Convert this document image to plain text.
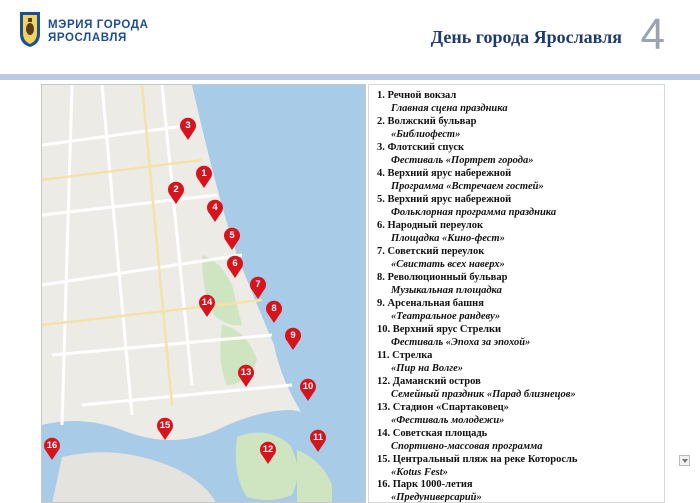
МЭРИЯ ГОРОДА
ЯРОСЛАВЛЯ	День города Ярославля 4
3
1
2
4
5
6
7
8
9
10
11
12
13
14
15
16
1. Речной вокзал
Главная сцена праздника
2. Волжский бульвар
«Библиофест»
3. Флотский спуск
Фестиваль «Портрет города»
4. Верхний ярус набережной
Программа «Встречаем гостей»
5. Верхний ярус набережной
Фольклорная программа праздника
6. Народный переулок
Площадка «Кино-фест»
7. Советский переулок
«Свистать всех наверх»
8. Революционный бульвар
Музыкальная площадка
9. Арсенальная башня
«Театральное рандеву»
10. Верхний ярус Стрелки
Фестиваль «Эпоха за эпохой»
11. Стрелка
«Пир на Волге»
12. Даманский остров
Семейный праздник «Парад близнецов»
13. Стадион «Спартаковец»
«Фестиваль молодежи»
14. Советская площадь
Спортивно-массовая программа
15. Центральный пляж на реке Которосль
«Kotus Fest»
16. Парк 1000-летия
«Предуниверсарий»
